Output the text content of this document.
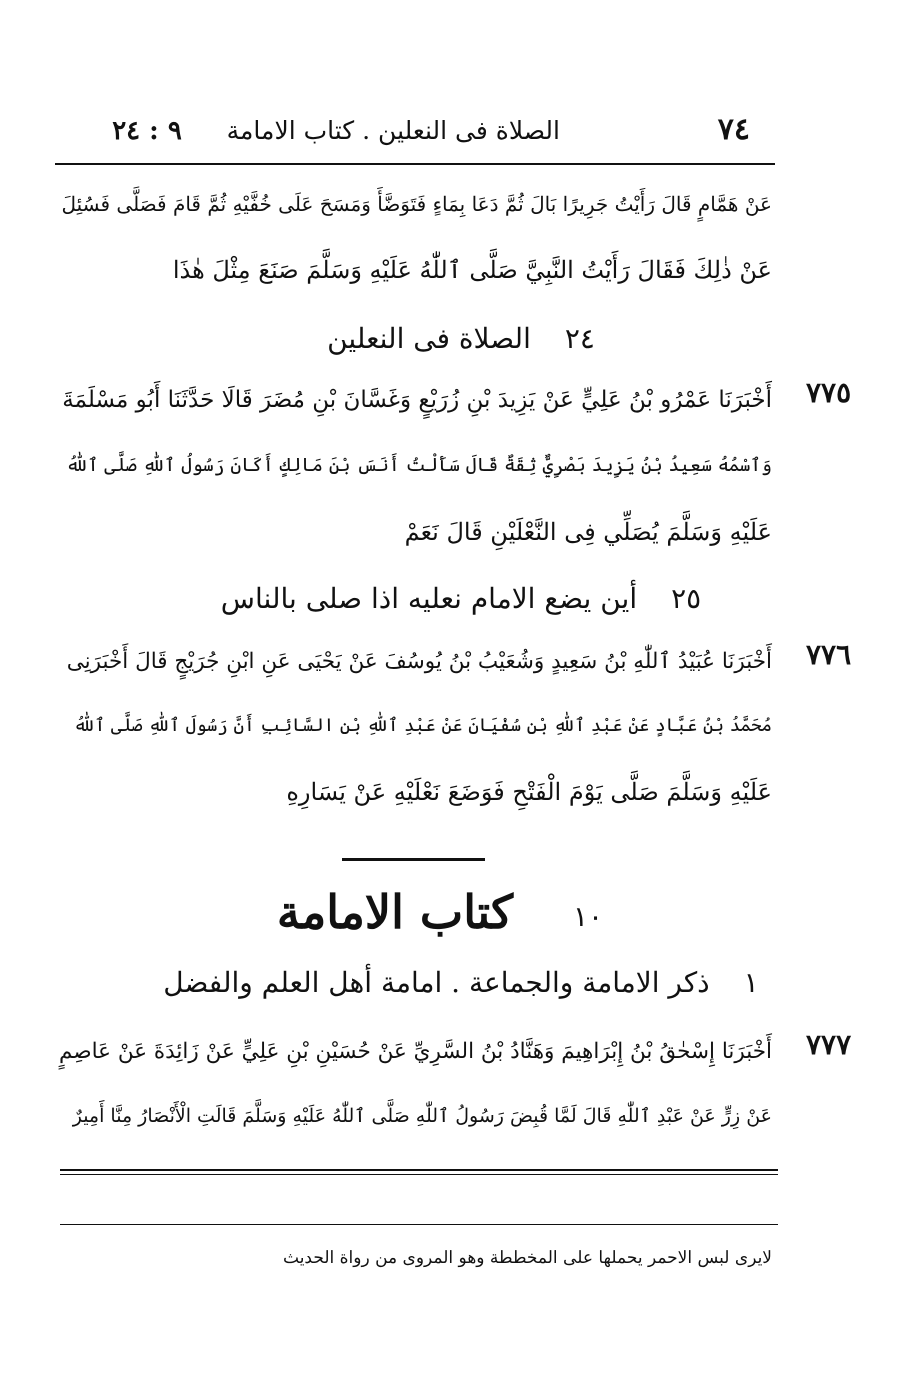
٧٤
الصلاة فى النعلين . كتاب الامامة
٩ : ٢٤
عَنْ هَمَّامٍ قَالَ رَأَيْتُ جَرِيرًا بَالَ ثُمَّ دَعَا بِمَاءٍ فَتَوَضَّأَ وَمَسَحَ عَلَى خُفَّيْهِ ثُمَّ قَامَ فَصَلَّى فَسُئِلَ
عَنْ ذٰلِكَ فَقَالَ رَأَيْتُ النَّبِيَّ صَلَّى ٱللّٰهُ عَلَيْهِ وَسَلَّمَ صَنَعَ مِثْلَ هٰذَا
٢٤الصلاة فى النعلين
٧٧٥
أَخْبَرَنَا عَمْرُو بْنُ عَلِيٍّ عَنْ يَزِيدَ بْنِ زُرَيْعٍ وَغَسَّانَ بْنِ مُضَرَ قَالَا حَدَّثَنَا أَبُو مَسْلَمَةَ
وَٱسْمُهُ سَعِيدُ بْنُ يَزِيدَ بَصْرِيٌّ ثِقَةٌ قَالَ سَأَلْتُ أَنَسَ بْنَ مَالِكٍ أَكَانَ رَسُولُ ٱللّٰهِ صَلَّى ٱللّٰهُ
عَلَيْهِ وَسَلَّمَ يُصَلِّي فِى النَّعْلَيْنِ قَالَ نَعَمْ
٢٥أين يضع الامام نعليه اذا صلى بالناس
٧٧٦
أَخْبَرَنَا عُبَيْدُ ٱللّٰهِ بْنُ سَعِيدٍ وَشُعَيْبُ بْنُ يُوسُفَ عَنْ يَحْيَى عَنِ ابْنِ جُرَيْجٍ قَالَ أَخْبَرَنِى
مُحَمَّدُ بْنُ عَبَّادٍ عَنْ عَبْدِ ٱللّٰهِ بْنِ سُفْيَانَ عَنْ عَبْدِ ٱللّٰهِ بْنِ السَّائِبِ أَنَّ رَسُولَ ٱللّٰهِ صَلَّى ٱللّٰهُ
عَلَيْهِ وَسَلَّمَ صَلَّى يَوْمَ الْفَتْحِ فَوَضَعَ نَعْلَيْهِ عَنْ يَسَارِهِ
١٠كتاب الامامة
١ذكر الامامة والجماعة . امامة أهل العلم والفضل
٧٧٧
أَخْبَرَنَا إِسْحٰقُ بْنُ إِبْرَاهِيمَ وَهَنَّادُ بْنُ السَّرِيِّ عَنْ حُسَيْنِ بْنِ عَلِيٍّ عَنْ زَائِدَةَ عَنْ عَاصِمٍ
عَنْ زِرٍّ عَنْ عَبْدِ ٱللّٰهِ قَالَ لَمَّا قُبِضَ رَسُولُ ٱللّٰهِ صَلَّى ٱللّٰهُ عَلَيْهِ وَسَلَّمَ قَالَتِ الْأَنْصَارُ مِنَّا أَمِيرٌ
لايرى لبس الاحمر يحملها على المخططة وهو المروى من رواة الحديث
